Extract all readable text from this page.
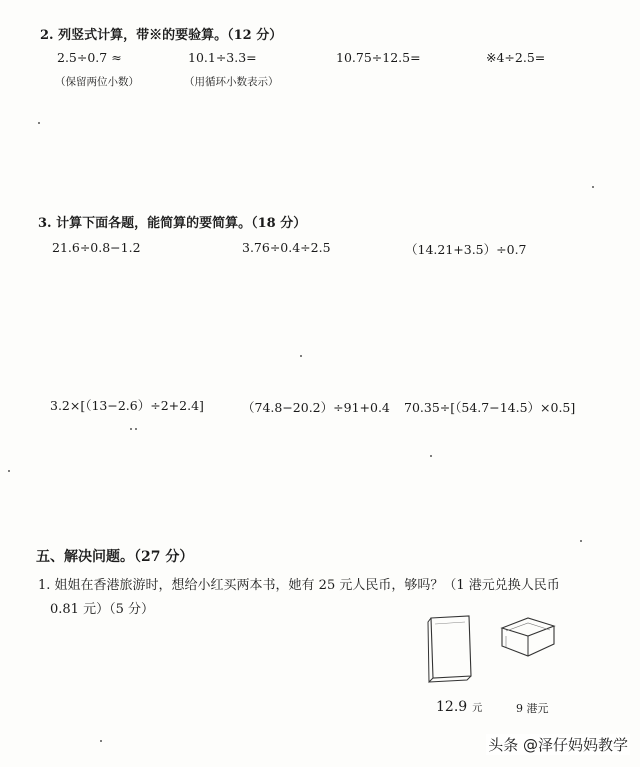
2. 列竖式计算，带※的要验算。（12 分）
2.5÷0.7 ≈
（保留两位小数）
10.1÷3.3=
（用循环小数表示）
10.75÷12.5=	※4÷2.5=
3. 计算下面各题，能简算的要简算。（18 分）
21.6÷0.8−1.2	3.76÷0.4÷2.5	（14.21+3.5）÷0.7
3.2×[（13−2.6）÷2+2.4]	（74.8−20.2）÷91+0.4 70.35÷[（54.7−14.5）×0.5]
五、解决问题。（27 分）
1. 姐姐在香港旅游时，想给小红买两本书，她有 25 元人民币，够吗？（1 港元兑换人民币
0.81 元）（5 分）
12.9 元	9 港元
头条 @泽仔妈妈教学
